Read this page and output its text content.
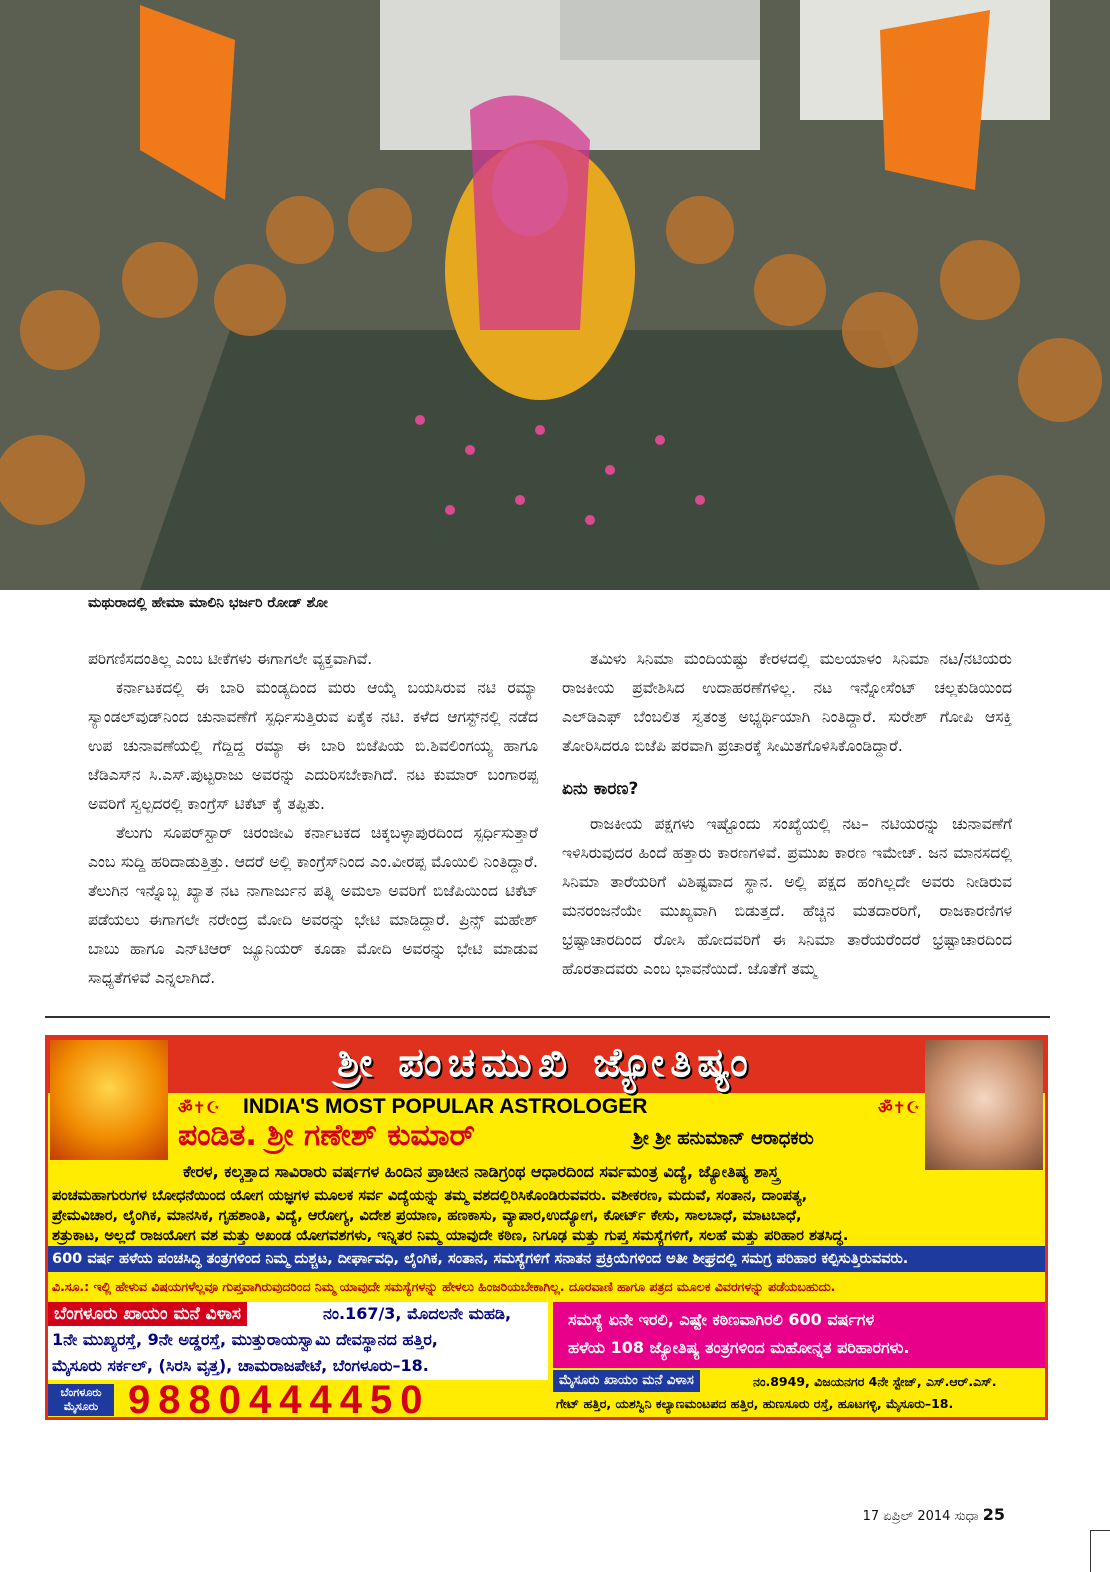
ಮಥುರಾದಲ್ಲಿ ಹೇಮಾ ಮಾಲಿನಿ ಭರ್ಜರಿ ರೋಡ್ ಶೋ

ಪರಿಗಣಿಸದಂತಿಲ್ಲ ಎಂಬ ಟೀಕೆಗಳು ಈಗಾಗಲೇ ವ್ಯಕ್ತವಾಗಿವೆ.

ಕರ್ನಾಟಕದಲ್ಲಿ ಈ ಬಾರಿ ಮಂಡ್ಯದಿಂದ ಮರು ಆಯ್ಕೆ ಬಯಸಿರುವ ನಟಿ ರಮ್ಯಾ ಸ್ಯಾಂಡಲ್‌ವುಡ್‌ನಿಂದ ಚುನಾವಣೆಗೆ ಸ್ಪರ್ಧಿಸುತ್ತಿರುವ ಏಕೈಕ ನಟಿ. ಕಳೆದ ಆಗಸ್ಟ್‌ನಲ್ಲಿ ನಡೆದ ಉಪ ಚುನಾವಣೆಯಲ್ಲಿ ಗೆದ್ದಿದ್ದ ರಮ್ಯಾ ಈ ಬಾರಿ ಬಿಜೆಪಿಯ ಬಿ.ಶಿವಲಿಂಗಯ್ಯ ಹಾಗೂ ಜೆಡಿಎಸ್‌ನ ಸಿ.ಎಸ್.ಪುಟ್ಟರಾಜು ಅವರನ್ನು ಎದುರಿಸಬೇಕಾಗಿದೆ. ನಟ ಕುಮಾರ್ ಬಂಗಾರಪ್ಪ ಅವರಿಗೆ ಸ್ವಲ್ಪದರಲ್ಲಿ ಕಾಂಗ್ರೆಸ್ ಟಿಕೆಟ್ ಕೈ ತಪ್ಪಿತು.

ತೆಲುಗು ಸೂಪರ್‌ಸ್ಟಾರ್ ಚಿರಂಜೀವಿ ಕರ್ನಾಟಕದ ಚಿಕ್ಕಬಳ್ಳಾಪುರದಿಂದ ಸ್ಪರ್ಧಿಸುತ್ತಾರೆ ಎಂಬ ಸುದ್ದಿ ಹರಿದಾಡುತ್ತಿತ್ತು. ಆದರೆ ಅಲ್ಲಿ ಕಾಂಗ್ರೆಸ್‌ನಿಂದ ಎಂ.ವೀರಪ್ಪ ಮೊಯಿಲಿ ನಿಂತಿದ್ದಾರೆ. ತೆಲುಗಿನ ಇನ್ನೊಬ್ಬ ಖ್ಯಾತ ನಟ ನಾಗಾರ್ಜುನ ಪತ್ನಿ ಅಮಲಾ ಅವರಿಗೆ ಬಿಜೆಪಿಯಿಂದ ಟಿಕೆಟ್ ಪಡೆಯಲು ಈಗಾಗಲೇ ನರೇಂದ್ರ ಮೋದಿ ಅವರನ್ನು ಭೇಟಿ ಮಾಡಿದ್ದಾರೆ. ಪ್ರಿನ್ಸ್ ಮಹೇಶ್ ಬಾಬು ಹಾಗೂ ಎನ್‌ಟಿಆರ್ ಜ್ಯೂನಿಯರ್ ಕೂಡಾ ಮೋದಿ ಅವರನ್ನು ಭೇಟಿ ಮಾಡುವ ಸಾಧ್ಯತೆಗಳಿವೆ ಎನ್ನಲಾಗಿದೆ.

ತಮಿಳು ಸಿನಿಮಾ ಮಂದಿಯಷ್ಟು ಕೇರಳದಲ್ಲಿ ಮಲಯಾಳಂ ಸಿನಿಮಾ ನಟ/ನಟಿಯರು ರಾಜಕೀಯ ಪ್ರವೇಶಿಸಿದ ಉದಾಹರಣೆಗಳಿಲ್ಲ. ನಟ ಇನ್ನೋಸೆಂಟ್ ಚಲ್ಲಕುಡಿಯಿಂದ ಎಲ್‌ಡಿಎಫ್ ಬೆಂಬಲಿತ ಸ್ವತಂತ್ರ ಅಭ್ಯರ್ಥಿಯಾಗಿ ನಿಂತಿದ್ದಾರೆ. ಸುರೇಶ್ ಗೋಪಿ ಆಸಕ್ತಿ ತೋರಿಸಿದರೂ ಬಿಜೆಪಿ ಪರವಾಗಿ ಪ್ರಚಾರಕ್ಕೆ ಸೀಮಿತಗೊಳಿಸಿಕೊಂಡಿದ್ದಾರೆ.

ಏನು ಕಾರಣ?

ರಾಜಕೀಯ ಪಕ್ಷಗಳು ಇಷ್ಟೊಂದು ಸಂಖ್ಯೆಯಲ್ಲಿ ನಟ– ನಟಿಯರನ್ನು ಚುನಾವಣೆಗೆ ಇಳಿಸಿರುವುದರ ಹಿಂದೆ ಹತ್ತಾರು ಕಾರಣಗಳಿವೆ. ಪ್ರಮುಖ ಕಾರಣ ಇಮೇಜ್. ಜನ ಮಾನಸದಲ್ಲಿ ಸಿನಿಮಾ ತಾರೆಯರಿಗೆ ವಿಶಿಷ್ಟವಾದ ಸ್ಥಾನ. ಅಲ್ಲಿ ಪಕ್ಷದ ಹಂಗಿಲ್ಲದೇ ಅವರು ನೀಡಿರುವ ಮನರಂಜನೆಯೇ ಮುಖ್ಯವಾಗಿ ಬಿಡುತ್ತದೆ. ಹೆಚ್ಚಿನ ಮತದಾರರಿಗೆ, ರಾಜಕಾರಣಿಗಳ ಭ್ರಷ್ಟಾಚಾರದಿಂದ ರೋಸಿ ಹೋದವರಿಗೆ ಈ ಸಿನಿಮಾ ತಾರೆಯರೆಂದರೆ ಭ್ರಷ್ಟಾಚಾರದಿಂದ ಹೊರತಾದವರು ಎಂಬ ಭಾವನೆಯಿದೆ. ಜೊತೆಗೆ ತಮ್ಮ

ಶ್ರೀ ಪಂಚಮುಖಿ ಜ್ಯೋತಿಷ್ಯಂ
ॐ✝☪	ॐ✝☪
INDIA'S MOST POPULAR ASTROLOGER
ಪಂಡಿತ. ಶ್ರೀ ಗಣೇಶ್ ಕುಮಾರ್	ಶ್ರೀ ಶ್ರೀ ಹನುಮಾನ್ ಆರಾಧಕರು
ಕೇರಳ, ಕಲ್ಕತ್ತಾದ ಸಾವಿರಾರು ವರ್ಷಗಳ ಹಿಂದಿನ ಪ್ರಾಚೀನ ನಾಡಿಗ್ರಂಥ ಆಧಾರದಿಂದ ಸರ್ವಮಂತ್ರ ವಿದ್ಯೆ, ಜ್ಯೋತಿಷ್ಯ ಶಾಸ್ತ್ರ
ಪಂಚಮಹಾಗುರುಗಳ ಬೋಧನೆಯಿಂದ ಯೋಗ ಯಜ್ಞಗಳ ಮೂಲಕ ಸರ್ವ ವಿದ್ಯೆಯನ್ನು ತಮ್ಮ ವಶದಲ್ಲಿರಿಸಿಕೊಂಡಿರುವವರು. ವಶೀಕರಣ, ಮದುವೆ, ಸಂತಾನ, ದಾಂಪತ್ಯ,
ಪ್ರೇಮವಿಚಾರ, ಲೈಂಗಿಕ, ಮಾನಸಿಕ, ಗೃಹಶಾಂತಿ, ವಿದ್ಯೆ, ಆರೋಗ್ಯ, ವಿದೇಶ ಪ್ರಯಾಣ, ಹಣಕಾಸು, ವ್ಯಾಪಾರ,ಉದ್ಯೋಗ, ಕೋರ್ಟ್ ಕೇಸು, ಸಾಲಬಾಧೆ, ಮಾಟಬಾಧೆ,
ಶತ್ರುಕಾಟ, ಅಲ್ಲದೆ ರಾಜಯೋಗ ವಶ ಮತ್ತು ಅಖಂಡ ಯೋಗವಶಗಳು, ಇನ್ನಿತರ ನಿಮ್ಮ ಯಾವುದೇ ಕಠಿಣ, ನಿಗೂಢ ಮತ್ತು ಗುಪ್ತ ಸಮಸ್ಯೆಗಳಿಗೆ, ಸಲಹೆ ಮತ್ತು ಪರಿಹಾರ ಶತಸಿದ್ಧ.
600 ವರ್ಷ ಹಳೆಯ ಪಂಚಸಿದ್ಧಿ ತಂತ್ರಗಳಿಂದ ನಿಮ್ಮ ದುಶ್ಚಟ, ದೀರ್ಘಾವಧಿ, ಲೈಂಗಿಕ, ಸಂತಾನ, ಸಮಸ್ಯೆಗಳಿಗೆ ಸನಾತನ ಪ್ರಕ್ರಿಯೆಗಳಿಂದ ಅತೀ ಶೀಘ್ರದಲ್ಲಿ ಸಮಗ್ರ ಪರಿಹಾರ ಕಲ್ಪಿಸುತ್ತಿರುವವರು.
ವಿ.ಸೂ.: ಇಲ್ಲಿ ಹೇಳುವ ವಿಷಯಗಳೆಲ್ಲವೂ ಗುಪ್ತವಾಗಿರುವುದರಿಂದ ನಿಮ್ಮ ಯಾವುದೇ ಸಮಸ್ಯೆಗಳನ್ನು ಹೇಳಲು ಹಿಂಜರಿಯಬೇಕಾಗಿಲ್ಲ. ದೂರವಾಣಿ ಹಾಗೂ ಪತ್ರದ ಮೂಲಕ ವಿವರಗಳನ್ನು ಪಡೆಯಬಹುದು.
ಬೆಂಗಳೂರು ಖಾಯಂ ಮನೆ ವಿಳಾಸ	ನಂ.167/3, ಮೊದಲನೇ ಮಹಡಿ,
1ನೇ ಮುಖ್ಯರಸ್ತೆ, 9ನೇ ಅಡ್ಡರಸ್ತೆ, ಮುತ್ತುರಾಯಸ್ವಾಮಿ ದೇವಸ್ಥಾನದ ಹತ್ತಿರ,
ಮೈಸೂರು ಸರ್ಕಲ್, (ಸಿರಸಿ ವೃತ್ತ), ಚಾಮರಾಜಪೇಟೆ, ಬೆಂಗಳೂರು–18.
ಬೆಂಗಳೂರು
ಮೈಸೂರು 9880444450
ಸಮಸ್ಯೆ ಏನೇ ಇರಲಿ, ಎಷ್ಟೇ ಕಠಿಣವಾಗಿರಲಿ 600 ವರ್ಷಗಳ
ಹಳೆಯ 108 ಜ್ಯೋತಿಷ್ಯ ತಂತ್ರಗಳಿಂದ ಮಹೋನ್ನತ ಪರಿಹಾರಗಳು.
ಮೈಸೂರು ಖಾಯಂ ಮನೆ ವಿಳಾಸ	ನಂ.8949, ವಿಜಯನಗರ 4ನೇ ಸ್ಟೇಜ್, ಎಸ್.ಆರ್.ಎಸ್.
ಗೇಟ್ ಹತ್ತಿರ, ಯಶಸ್ವಿನಿ ಕಲ್ಯಾಣಮಂಟಪದ ಹತ್ತಿರ, ಹುಣಸೂರು ರಸ್ತೆ, ಹೂಟಗಳ್ಳಿ, ಮೈಸೂರು–18.
17 ಏಪ್ರಿಲ್ 2014 ಸುಧಾ 25
